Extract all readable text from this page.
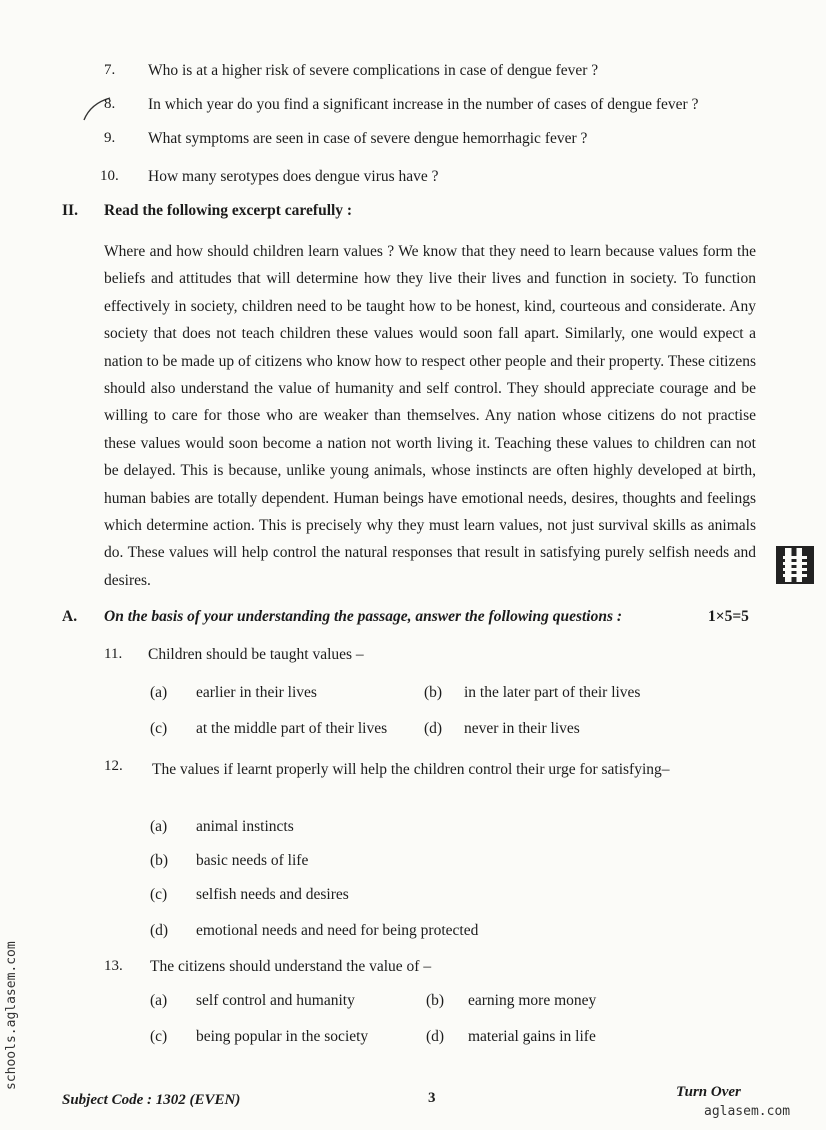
7. Who is at a higher risk of severe complications in case of dengue fever ?
8. In which year do you find a significant increase in the number of cases of dengue fever ?
9. What symptoms are seen in case of severe dengue hemorrhagic fever ?
10. How many serotypes does dengue virus have ?
II. Read the following excerpt carefully :

Where and how should children learn values ? We know that they need to learn because values form the beliefs and attitudes that will determine how they live their lives and function in society. To function effectively in society, children need to be taught how to be honest, kind, courteous and considerate. Any society that does not teach children these values would soon fall apart. Similarly, one would expect a nation to be made up of citizens who know how to respect other people and their property. These citizens should also understand the value of humanity and self control. They should appreciate courage and be willing to care for those who are weaker than themselves. Any nation whose citizens do not practise these values would soon become a nation not worth living it. Teaching these values to children can not be delayed. This is because, unlike young animals, whose instincts are often highly developed at birth, human babies are totally dependent. Human beings have emotional needs, desires, thoughts and feelings which determine action. This is precisely why they must learn values, not just survival skills as animals do. These values will help control the natural responses that result in satisfying purely selfish needs and desires.

A. On the basis of your understanding the passage, answer the following questions :	1×5=5
11. Children should be taught values –
(a) earlier in their lives	(b) in the later part of their lives
(c) at the middle part of their lives (d) never in their lives
12. The values if learnt properly will help the children control their urge for satisfying–
(a) animal instincts
(b) basic needs of life
(c) selfish needs and desires
(d) emotional needs and need for being protected
13. The citizens should understand the value of –
(a) self control and humanity	(b) earning more money
(c) being popular in the society	(d) material gains in life
Subject Code : 1302 (EVEN)	3	Turn Over
schools.aglasem.com
aglasem.com
